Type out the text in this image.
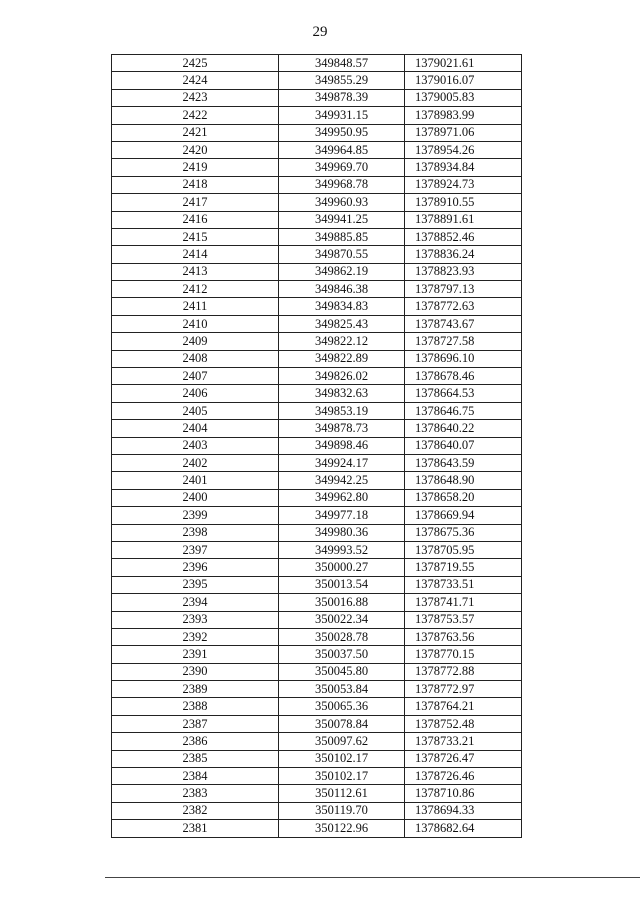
29
2425	349848.57	1379021.61
2424	349855.29	1379016.07
2423	349878.39	1379005.83
2422	349931.15	1378983.99
2421	349950.95	1378971.06
2420	349964.85	1378954.26
2419	349969.70	1378934.84
2418	349968.78	1378924.73
2417	349960.93	1378910.55
2416	349941.25	1378891.61
2415	349885.85	1378852.46
2414	349870.55	1378836.24
2413	349862.19	1378823.93
2412	349846.38	1378797.13
2411	349834.83	1378772.63
2410	349825.43	1378743.67
2409	349822.12	1378727.58
2408	349822.89	1378696.10
2407	349826.02	1378678.46
2406	349832.63	1378664.53
2405	349853.19	1378646.75
2404	349878.73	1378640.22
2403	349898.46	1378640.07
2402	349924.17	1378643.59
2401	349942.25	1378648.90
2400	349962.80	1378658.20
2399	349977.18	1378669.94
2398	349980.36	1378675.36
2397	349993.52	1378705.95
2396	350000.27	1378719.55
2395	350013.54	1378733.51
2394	350016.88	1378741.71
2393	350022.34	1378753.57
2392	350028.78	1378763.56
2391	350037.50	1378770.15
2390	350045.80	1378772.88
2389	350053.84	1378772.97
2388	350065.36	1378764.21
2387	350078.84	1378752.48
2386	350097.62	1378733.21
2385	350102.17	1378726.47
2384	350102.17	1378726.46
2383	350112.61	1378710.86
2382	350119.70	1378694.33
2381	350122.96	1378682.64
